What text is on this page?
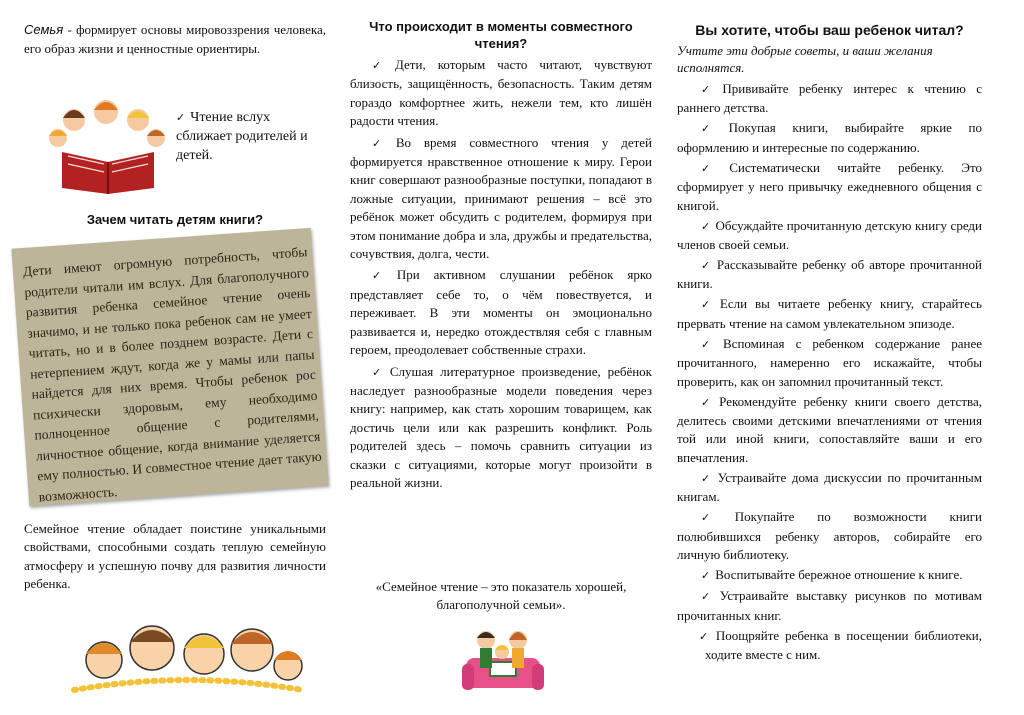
Семья - формирует основы мировоззрения человека, его образ жизни и ценностные ориентиры.

✓ Чтение вслух сближает родителей и детей.

Зачем читать детям книги?

Дети имеют огромную потребность, чтобы родители читали им вслух. Для благополучного развития ребенка семейное чтение очень значимо, и не только пока ребенок сам не умеет читать, но и в более позднем возрасте. Дети с нетерпением ждут, когда же у мамы или папы найдется для них время. Чтобы ребенок рос психически здоровым, ему необходимо полноценное общение с родителями, личностное общение, когда внимание уделяется ему полностью. И совместное чтение дает такую возможность.

Семейное чтение обладает поистине уникальными свойствами, способными создать теплую семейную атмосферу и успешную почву для развития личности ребенка.

Что происходит в моменты совместного чтения?

✓ Дети, которым часто читают, чувствуют близость, защищённость, безопасность. Таким детям гораздо комфортнее жить, нежели тем, кто лишён радости чтения.

✓ Во время совместного чтения у детей формируется нравственное отношение к миру. Герои книг совершают разнообразные поступки, попадают в ложные ситуации, принимают решения – всё это ребёнок может обсудить с родителем, формируя при этом понимание добра и зла, дружбы и предательства, сочувствия, долга, чести.

✓ При активном слушании ребёнок ярко представляет себе то, о чём повествуется, и переживает. В эти моменты он эмоционально развивается и, нередко отождествляя себя с главным героем, преодолевает собственные страхи.

✓ Слушая литературное произведение, ребёнок наследует разнообразные модели поведения через книгу: например, как стать хорошим товарищем, как достичь цели или как разрешить конфликт. Роль родителей здесь – помочь сравнить ситуации из сказки с ситуациями, которые могут произойти в реальной жизни.

«Семейное чтение – это показатель хорошей, благополучной семьи».

Вы хотите, чтобы ваш ребенок читал?

Учтите эти добрые советы, и ваши желания исполнятся.

✓ Прививайте ребенку интерес к чтению с раннего детства.

✓ Покупая книги, выбирайте яркие по оформлению и интересные по содержанию.

✓ Систематически читайте ребенку. Это сформирует у него привычку ежедневного общения с книгой.

✓ Обсуждайте прочитанную детскую книгу среди членов своей семьи.

✓ Рассказывайте ребенку об авторе прочитанной книги.

✓ Если вы читаете ребенку книгу, старайтесь прервать чтение на самом увлекательном эпизоде.

✓ Вспоминая с ребенком содержание ранее прочитанного, намеренно его искажайте, чтобы проверить, как он запомнил прочитанный текст.

✓ Рекомендуйте ребенку книги своего детства, делитесь своими детскими впечатлениями от чтения той или иной книги, сопоставляйте ваши и его впечатления.

✓ Устраивайте дома дискуссии по прочитанным книгам.

✓ Покупайте по возможности книги полюбившихся ребенку авторов, собирайте его личную библиотеку.

✓ Воспитывайте бережное отношение к книге.

✓ Устраивайте выставку рисунков по мотивам прочитанных книг.

✓ Поощряйте ребенка в посещении библиотеки, ходите вместе с ним.
